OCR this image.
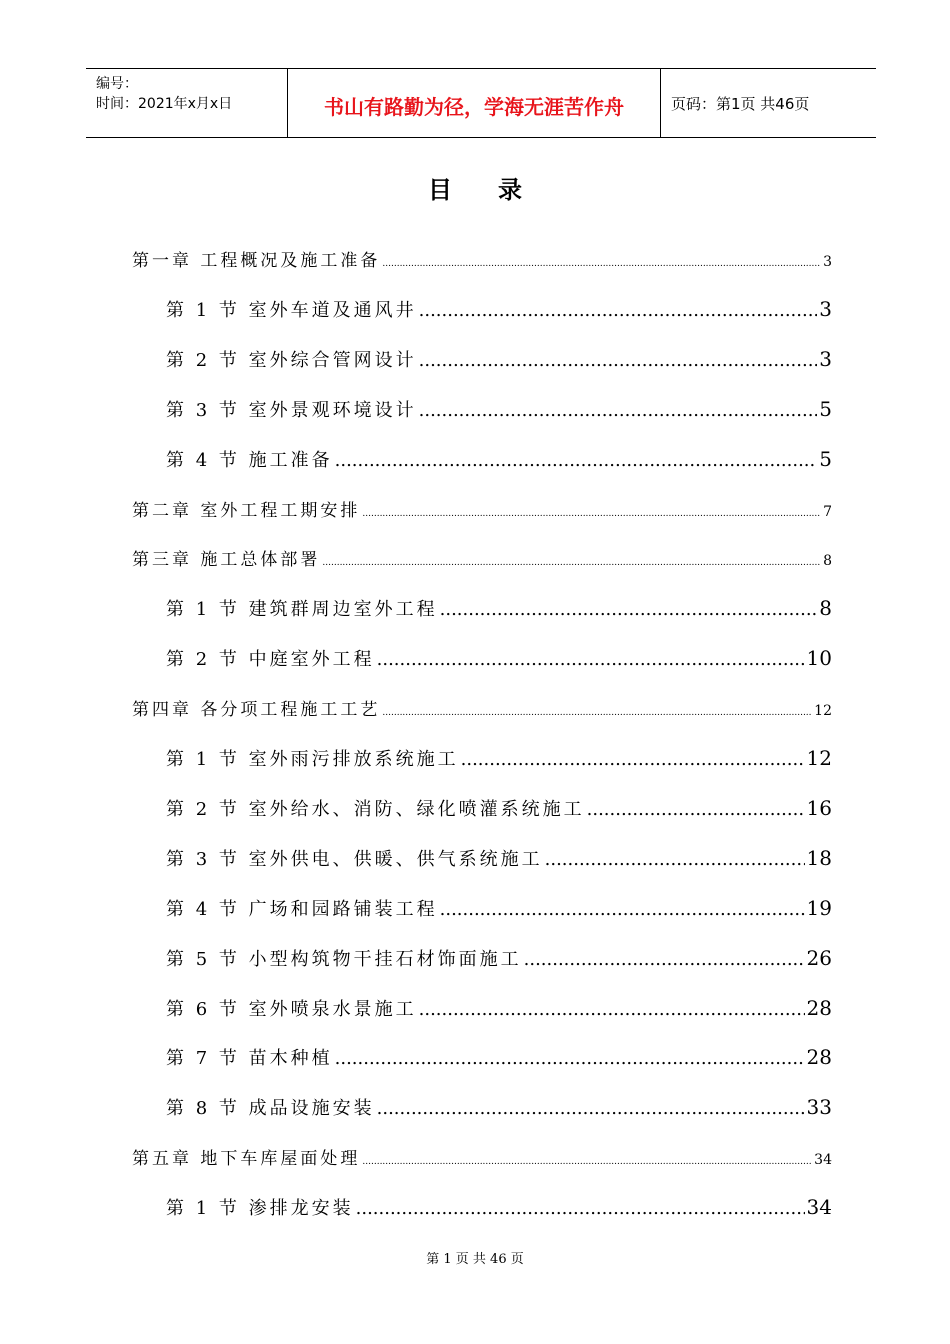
编号：
时间：2021年x月x日	书山有路勤为径，学海无涯苦作舟	页码：第1页 共46页
目录
第一章 工程概况及施工准备 .....	3
第 1 节 室外车道及通风井 .....	3
第 2 节 室外综合管网设计 .....	3
第 3 节 室外景观环境设计 .....	5
第 4 节 施工准备 .....	5
第二章 室外工程工期安排 .....	7
第三章 施工总体部署 .....	8
第 1 节 建筑群周边室外工程 .....	8
第 2 节 中庭室外工程 .....	10
第四章 各分项工程施工工艺 .....	12
第 1 节 室外雨污排放系统施工 .....	12
第 2 节 室外给水、消防、绿化喷灌系统施工 .....	16
第 3 节 室外供电、供暖、供气系统施工 .....	18
第 4 节 广场和园路铺装工程 .....	19
第 5 节 小型构筑物干挂石材饰面施工 .....	26
第 6 节 室外喷泉水景施工 .....	28
第 7 节 苗木种植 .....	28
第 8 节 成品设施安装 .....	33
第五章 地下车库屋面处理 .....	34
第 1 节 渗排龙安装 .....	34
第 1 页 共 46 页
